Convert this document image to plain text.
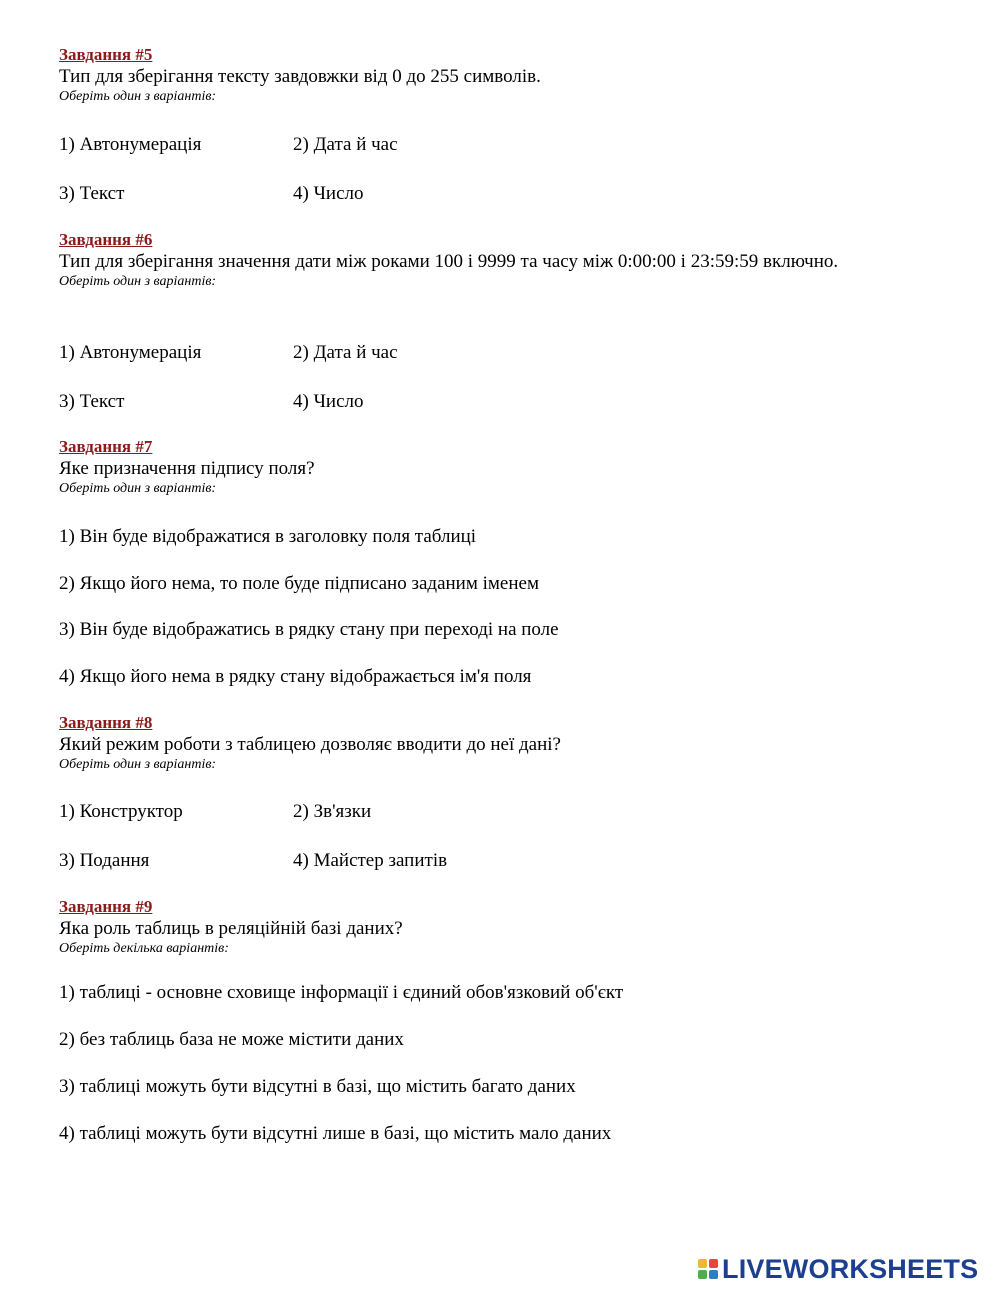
Завдання #5
Тип для зберігання тексту завдовжки від 0 до 255 символів.
Оберіть один з варіантів:
1) Автонумерація	2) Дата й час
3) Текст	4) Число
Завдання #6
Тип для зберігання значення дати між роками 100 і 9999 та часу між 0:00:00 і 23:59:59 включно.
Оберіть один з варіантів:
1) Автонумерація	2) Дата й час
3) Текст	4) Число
Завдання #7
Яке призначення підпису поля?
Оберіть один з варіантів:
1) Він буде відображатися в заголовку поля таблиці
2) Якщо його нема, то поле буде підписано заданим іменем
3) Він буде відображатись в рядку стану при переході на поле
4) Якщо його нема в рядку стану відображається ім'я поля
Завдання #8
Який режим роботи з таблицею дозволяє вводити до неї дані?
Оберіть один з варіантів:
1) Конструктор	2) Зв'язки
3) Подання	4) Майстер запитів
Завдання #9
Яка роль таблиць в реляційній базі даних?
Оберіть декілька варіантів:
1) таблиці - основне сховище інформації і єдиний обов'язковий об'єкт
2) без таблиць база не може містити даних
3) таблиці можуть бути відсутні в базі, що містить багато даних
4) таблиці можуть бути відсутні лише в базі, що містить мало даних
LIVEWORKSHEETS
